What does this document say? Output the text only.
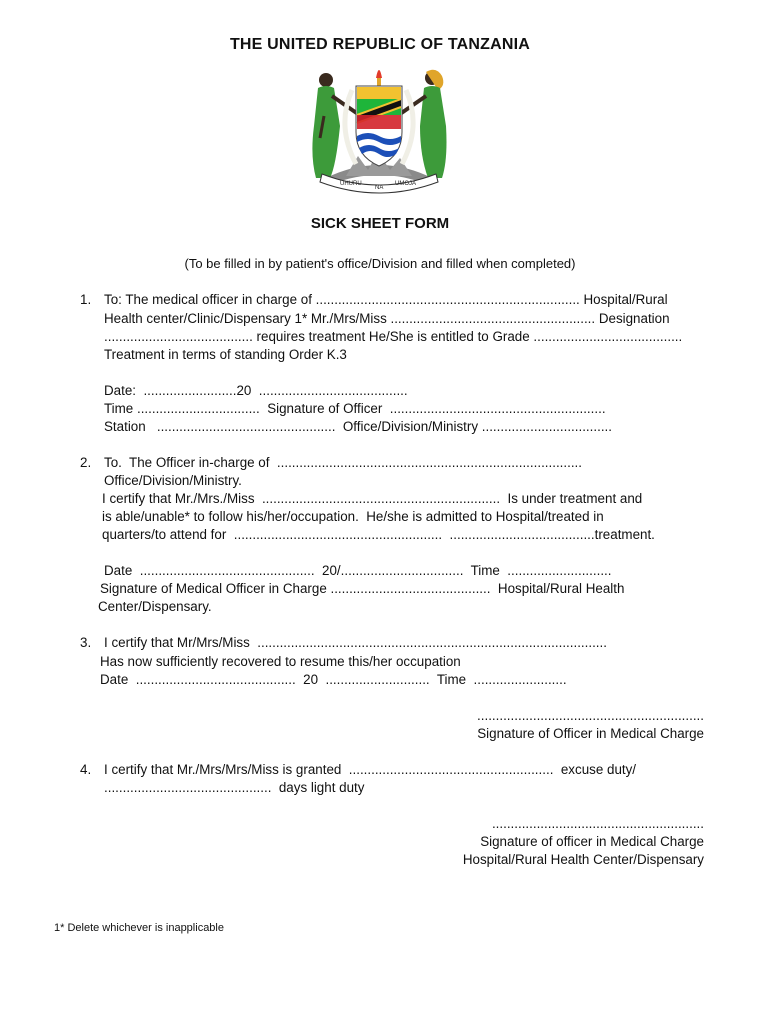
THE UNITED REPUBLIC OF TANZANIA
UHURU
NA
UMOJA
SICK SHEET FORM
(To be filled in by patient's office/Division and filled when completed)
1. To: The medical officer in charge of ....................................................................... Hospital/Rural
Health center/Clinic/Dispensary 1* Mr./Mrs/Miss ....................................................... Designation
........................................ requires treatment He/She is entitled to Grade ........................................
Treatment in terms of standing Order K.3
Date:  .........................20  ........................................
Time .................................  Signature of Officer  ..........................................................
Station   ................................................  Office/Division/Ministry ...................................
2. To.  The Officer in-charge of  ..................................................................................
Office/Division/Ministry.
I certify that Mr./Mrs./Miss  ................................................................  Is under treatment and
is able/unable* to follow his/her/occupation.  He/she is admitted to Hospital/treated in
quarters/to attend for  ........................................................  .......................................treatment.
Date  ...............................................  20/.................................  Time  ............................
Signature of Medical Officer in Charge ...........................................  Hospital/Rural Health
Center/Dispensary.
3. I certify that Mr/Mrs/Miss  ..............................................................................................
Has now sufficiently recovered to resume this/her occupation
Date  ...........................................  20  ............................  Time  .........................
.............................................................
Signature of Officer in Medical Charge
4. I certify that Mr./Mrs/Mrs/Miss is granted  .......................................................  excuse duty/
.............................................  days light duty
.........................................................
Signature of officer in Medical Charge
Hospital/Rural Health Center/Dispensary
1* Delete whichever is inapplicable
